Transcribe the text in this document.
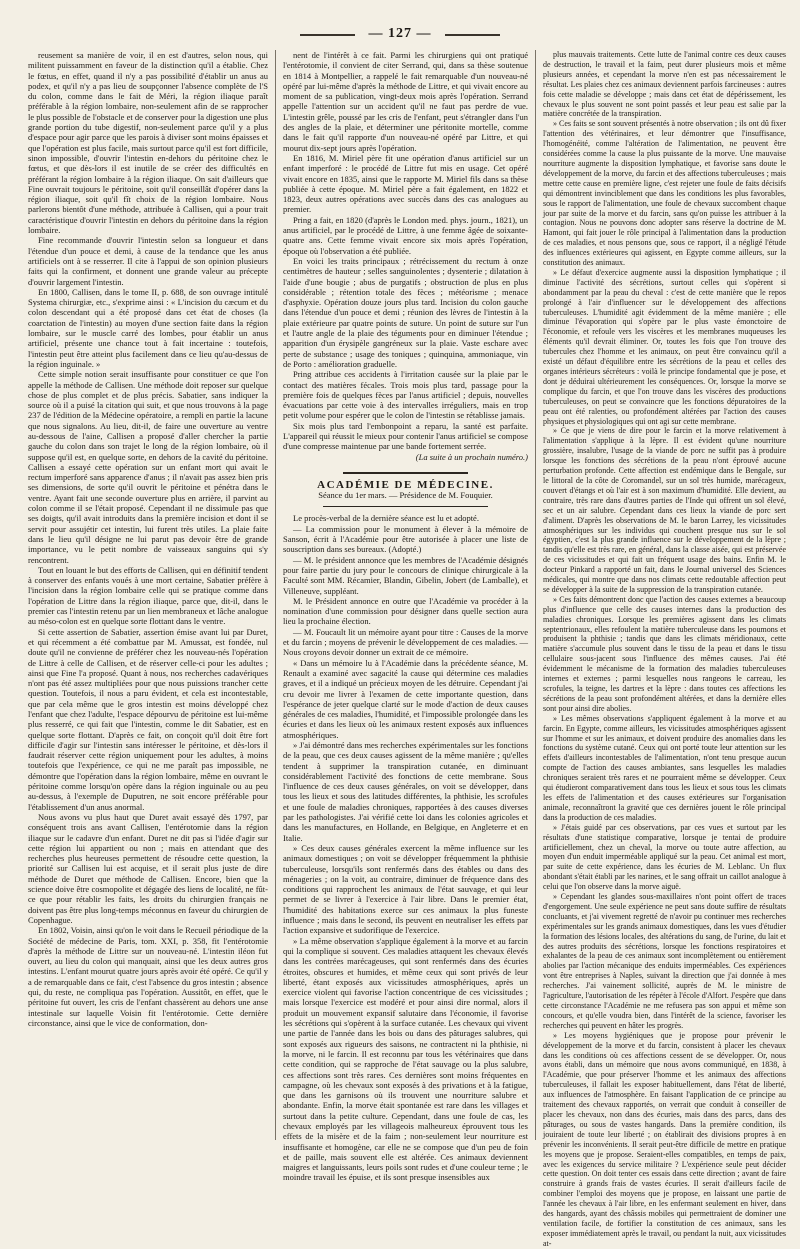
— 127 —

reusement sa manière de voir, il en est d'autres, selon nous, qui militent puissamment en faveur de la distinction qu'il a établie. Chez le fœtus, en effet, quand il n'y a pas possibilité d'établir un anus au podex, et qu'il n'y a pas lieu de soupçonner l'absence complète de l'S du colon, comme dans le fait de Méri, la région iliaque paraît préférable à la région lombaire, non-seulement afin de se rapprocher le plus possible de l'obstacle et de conserver pour la digestion une plus grande portion du tube digestif, non-seulement parce qu'il y a plus d'espace pour agir parce que les parois à diviser sont moins épaisses et que l'opération est plus facile, mais surtout parce qu'il est fort difficile, sinon impossible, d'ouvrir l'intestin en-dehors du péritoine chez le fœtus, et que dès-lors il est inutile de se créer des difficultés en préférant la région lombaire à la région iliaque. On sait d'ailleurs que Fine ouvrait toujours le péritoine, soit qu'il conseillât d'opérer dans la région iliaque, soit qu'il fît choix de la région lombaire. Nous parlerons bientôt d'une méthode, attribuée à Callisen, qui a pour trait caractéristique d'ouvrir l'intestin en dehors du péritoine dans la région lombaire.

Fine recommande d'ouvrir l'intestin selon sa longueur et dans l'étendue d'un pouce et demi, à cause de la tendance que les anus artificiels ont à se resserrer. Il cite à l'appui de son opinion plusieurs faits qui la confirment, et donnent une grande valeur au précepte d'ouvrir largement l'intestin.

En 1800, Callisen, dans le tome II, p. 688, de son ouvrage intitulé Systema chirurgiæ, etc., s'exprime ainsi : « L'incision du cæcum et du colon descendant qui a été proposé dans cet état de choses (la coarctation de l'intestin) au moyen d'une section faite dans la région lombaire, sur le muscle carré des lombes, pour établir un anus artificiel, présente une chance tout à fait incertaine : toutefois, l'intestin peut être atteint plus facilement dans ce lieu qu'au-dessus de la région inguinale. »

Cette simple notion serait insuffisante pour constituer ce que l'on appelle la méthode de Callisen. Une méthode doit reposer sur quelque chose de plus complet et de plus précis. Sabatier, sans indiquer la source où il a puisé la citation qui suit, et que nous trouvons à la page 237 de l'édition de la Médecine opératoire, a rempli en partie la lacune que nous signalons. Au lieu, dit-il, de faire une ouverture au ventre au-dessous de l'aine, Callisen a proposé d'aller chercher la partie gauche du colon dans son trajet le long de la région lombaire, où il suppose qu'il est, en quelque sorte, en dehors de la cavité du péritoine. Callisen a essayé cette opération sur un enfant mort qui avait le rectum imperforé sans apparence d'anus ; il n'avait pas assez bien pris ses dimensions, de sorte qu'il ouvrit le péritoine et pénétra dans le ventre. Ayant fait une seconde ouverture plus en arrière, il parvint au colon comme il se l'était proposé. Cependant il ne dissimule pas que ses doigts, qu'il avait introduits dans la première incision et dont il se servit pour assujétir cet intestin, lui furent très utiles. La plaie faite dans le lieu qu'il désigne ne lui parut pas devoir être de grande importance, vu le petit nombre de vaisseaux sanguins qui s'y rencontrent.

Tout en louant le but des efforts de Callisen, qui en définitif tendent à conserver des enfants voués à une mort certaine, Sabatier préfère à l'incision dans la région lombaire celle qui se pratique comme dans l'opération de Littre dans la région iliaque, parce que, dit-il, dans le premier cas l'intestin retenu par un lien membraneux et lâche analogue au méso-colon est en quelque sorte flottant dans le ventre.

Si cette assertion de Sabatier, assertion émise avant lui par Duret, et qui récemment a été combattue par M. Amussat, est fondée, nul doute qu'il ne convienne de préférer chez les nouveau-nés l'opération de Littre à celle de Callisen, et de réserver celle-ci pour les adultes ; ainsi que Fine l'a proposé. Quant à nous, nos recherches cadavériques n'ont pas été assez multipliées pour que nous puissions trancher cette question. Toutefois, il nous a paru évident, et cela est incontestable, que par cela même que le gros intestin est moins développé chez l'enfant que chez l'adulte, l'espace dépourvu de péritoine est lui-même plus resserré, ce qui fait que l'intestin, comme le dit Sabatier, est en quelque sorte flottant. D'après ce fait, on conçoit qu'il doit être fort difficile d'agir sur l'intestin sans intéresser le péritoine, et dès-lors il faudrait réserver cette région uniquement pour les adultes, à moins toutefois que l'expérience, ce qui ne me paraît pas impossible, ne démontre que l'opération dans la région lombaire, même en ouvrant le péritoine comme lorsqu'on opère dans la région inguinale ou au peu au-dessus, à l'exemple de Duputren, ne soit encore préférable pour l'établissement d'un anus anormal.

Nous avons vu plus haut que Duret avait essayé dès 1797, par conséquent trois ans avant Callisen, l'entérotomie dans la région iliaque sur le cadavre d'un enfant. Duret ne dit pas si l'idée d'agir sur cette région lui appartient ou non ; mais en attendant que des recherches plus heureuses permettent de résoudre cette question, la priorité sur Callisen lui est acquise, et il serait plus juste de dire méthode de Duret que méthode de Callisen. Encore, bien que la science doive être cosmopolite et dégagée des liens de localité, ne fût-ce que pour rétablir les faits, les droits du chirurgien français ne doivent pas être plus long-temps méconnus en faveur du chirurgien de Copenhague.

En 1802, Voisin, ainsi qu'on le voit dans le Recueil périodique de la Société de médecine de Paris, tom. XXI, p. 358, fit l'entérotomie d'après la méthode de Littre sur un nouveau-né. L'intestin iléon fut ouvert, au lieu du colon qui manquait, ainsi que les deux autres gros intestins. L'enfant mourut quatre jours après avoir été opéré. Ce qu'il y a de remarquable dans ce fait, c'est l'absence du gros intestin ; absence qui, du reste, ne compliqua pas l'opération. Aussitôt, en effet, que le péritoine fut ouvert, les cris de l'enfant chassèrent au dehors une anse intestinale sur laquelle Voisin fit l'entérotomie. Cette dernière circonstance, ainsi que le vice de conformation, don-

nent de l'intérêt à ce fait. Parmi les chirurgiens qui ont pratiqué l'entérotomie, il convient de citer Serrand, qui, dans sa thèse soutenue en 1814 à Montpellier, a rappelé le fait remarquable d'un nouveau-né opéré par lui-même d'après la méthode de Littre, et qui vivait encore au moment de sa publication, vingt-deux mois après l'opération. Serrand appelle l'attention sur un accident qu'il ne faut pas perdre de vue. L'intestin grêle, poussé par les cris de l'enfant, peut s'étrangler dans l'un des angles de la plaie, et déterminer une péritonite mortelle, comme dans le fait qu'il rapporte d'un nouveau-né opéré par Littre, et qui mourut dix-sept jours après l'opération.

En 1816, M. Miriel père fit une opération d'anus artificiel sur un enfant imperforé : le procédé de Littre fut mis en usage. Cet opéré vivait encore en 1835, ainsi que le rapporte M. Miriel fils dans sa thèse publiée à cette époque. M. Miriel père a fait également, en 1822 et 1823, deux autres opérations avec succès dans des cas analogues au premier.

Pring a fait, en 1820 (d'après le London med. phys. journ., 1821), un anus artificiel, par le procédé de Littre, à une femme âgée de soixante-quatre ans. Cette femme vivait encore six mois après l'opération, époque où l'observation a été publiée.

En voici les traits principaux ; rétrécissement du rectum à onze centimètres de hauteur ; selles sanguinolentes ; dysenterie ; dilatation à l'aide d'une bougie ; abus de purgatifs ; obstruction de plus en plus considérable ; rétention totale des fèces ; météorisme ; menace d'asphyxie. Opération douze jours plus tard. Incision du colon gauche dans l'étendue d'un pouce et demi ; réunion des lèvres de l'intestin à la plaie extérieure par quatre points de suture. Un point de suture sur l'un et l'autre angle de la plaie des téguments pour en diminuer l'étendue ; apparition d'un érysipèle gangréneux sur la plaie. Vaste eschare avec perte de substance ; usage des toniques ; quinquina, ammoniaque, vin de Porto : amélioration graduelle.

Pring attribue ces accidents à l'irritation causée sur la plaie par le contact des matières fécales. Trois mois plus tard, passage pour la première fois de quelques fèces par l'anus artificiel ; depuis, nouvelles évacuations par cette voie à des intervalles irréguliers, mais en trop petit volume pour espérer que le colon de l'intestin se rétablisse jamais.

Six mois plus tard l'embonpoint a reparu, la santé est parfaite. L'appareil qui réussit le mieux pour contenir l'anus artificiel se compose d'une compresse maintenue par une bande fortement serrée.

(La suite à un prochain numéro.)

ACADÉMIE DE MÉDECINE.

Séance du 1er mars. — Présidence de M. Fouquier.

Le procès-verbal de la dernière séance est lu et adopté.

— La commission pour le monument à élever à la mémoire de Sanson, écrit à l'Académie pour être autorisée à placer une liste de souscription dans ses bureaux. (Adopté.)

— M. le président annonce que les membres de l'Académie désignés pour faire partie du jury pour le concours de clinique chirurgicale à la Faculté sont MM. Récamier, Blandin, Gibelin, Jobert (de Lamballe), et Villeneuve, suppléant.

M. le Président annonce en outre que l'Académie va procéder à la nomination d'une commission pour désigner dans quelle section aura lieu la prochaine élection.

— M. Foucault lit un mémoire ayant pour titre : Causes de la morve et du farcin ; moyens de prévenir le développement de ces maladies. — Nous croyons devoir donner un extrait de ce mémoire.

« Dans un mémoire lu à l'Académie dans la précédente séance, M. Renault a examiné avec sagacité la cause qui détermine ces maladies graves, et il a indiqué un précieux moyen de les détruire. Cependant j'ai cru devoir me livrer à l'examen de cette importante question, dans l'espérance de jeter quelque clarté sur le mode d'action de deux causes générales de ces maladies, l'humidité, et l'impossible prolongée dans les écuries et dans les lieux où les animaux restent exposés aux influences atmosphériques.

» J'ai démontré dans mes recherches expérimentales sur les fonctions de la peau, que ces deux causes agissent de la même manière ; qu'elles tendent à supprimer la transpiration cutanée, en diminuant considérablement l'activité des fonctions de cette membrane. Sous l'influence de ces deux causes générales, on voit se développer, dans tous les lieux et sous des latitudes différentes, la phthisie, les scrofules et une foule de maladies chroniques, rapportées à des causes diverses par les pathologistes. J'ai vérifié cette loi dans les colonies agricoles et dans les manufactures, en Hollande, en Belgique, en Angleterre et en Italie.

» Ces deux causes générales exercent la même influence sur les animaux domestiques ; on voit se développer fréquemment la phthisie tuberculeuse, lorsqu'ils sont renfermés dans des étables ou dans des ménageries ; on la voit, au contraire, diminuer de fréquence dans des conditions qui rapprochent les animaux de l'état sauvage, et qui leur permet de se livrer à l'exercice à l'air libre. Dans le premier état, l'humidité des habitations exerce sur ces animaux la plus funeste influence ; mais dans le second, ils peuvent en neutraliser les effets par l'action expansive et sudorifique de l'exercice.

» La même observation s'applique également à la morve et au farcin qui la complique si souvent. Ces maladies attaquent les chevaux élevés dans les contrées marécageuses, qui sont renfermés dans des écuries étroites, obscures et humides, et même ceux qui sont privés de leur liberté, étant exposés aux vicissitudes atmosphériques, après un exercice violent qui favorise l'action concentrique de ces vicissitudes ; mais lorsque l'exercice est modéré et pour ainsi dire normal, alors il produit un mouvement expansif salutaire dans l'économie, il favorise les sécrétions qui s'opèrent à la surface cutanée. Les chevaux qui vivent une partie de l'année dans les bois ou dans des pâturages salubres, qui sont exposés aux rigueurs des saisons, ne contractent ni la phthisie, ni la morve, ni le farcin. Il est reconnu par tous les vétérinaires que dans cette condition, qui se rapproche de l'état sauvage ou la plus salubre, ces affections sont très rares. Ces dernières sont moins fréquentes en campagne, où les chevaux sont exposés à des privations et à la fatigue, que dans les garnisons où ils trouvent une nourriture salubre et abondante. Enfin, la morve était spontanée est rare dans les villages et surtout dans la petite culture. Cependant, dans une foule de cas, les chevaux employés par les villageois malheureux éprouvent tous les effets de la misère et de la faim ; non-seulement leur nourriture est insuffisante et homogène, car elle ne se compose que d'un peu de foin et de paille, mais souvent elle est altérée. Ces animaux deviennent maigres et languissants, leurs poils sont rudes et d'une couleur terne ; le moindre travail les épuise, et ils sont presque insensibles aux

plus mauvais traitements. Cette lutte de l'animal contre ces deux causes de destruction, le travail et la faim, peut durer plusieurs mois et même plusieurs années, et cependant la morve n'en est pas nécessairement le résultat. Les plaies chez ces animaux deviennent parfois farcineuses : autres fois cette maladie se développe ; mais dans cet état de dépérissement, les chevaux le plus souvent ne sont point passés et leur peau est salie par la matière concrétée de la transpiration.

» Ces faits se sont souvent présentés à notre observation ; ils ont dû fixer l'attention des vétérinaires, et leur démontrer que l'insuffisance, l'homogénéité, comme l'altération de l'alimentation, ne peuvent être considérées comme la cause la plus puissante de la morve. Une mauvaise nourriture augmente la disposition lymphatique, et favorise sans doute le développement de la morve, du farcin et des affections tuberculeuses ; mais mettre cette cause en première ligne, c'est rejeter une foule de faits décisifs qui démontrent invinciblement que dans les conditions les plus favorables, sous le rapport de l'alimentation, une foule de chevaux succombent chaque jour par suite de la morve et du farcin, sans qu'on puisse les attribuer à la contagion. Nous ne pouvons donc adopter sans réserve la doctrine de M. Hamont, qui fait jouer le rôle principal à l'alimentation dans la production de ces maladies, et nous pensons que, sous ce rapport, il a négligé l'étude des influences extérieures qui agissent, en Egypte comme ailleurs, sur la constitution des animaux.

» Le défaut d'exercice augmente aussi la disposition lymphatique ; il diminue l'activité des sécrétions, surtout celles qui s'opèrent si abondamment par la peau du cheval : c'est de cette manière que le repos prolongé à l'air d'influencer sur le développement des affections tuberculeuses. L'humidité agit évidemment de la même manière ; elle diminue l'évaporation qui s'opère par le plus vaste émonctoire de l'économie, et refoule vers les viscères et les membranes muqueuses les éléments qu'il devrait éliminer. Or, toutes les fois que l'on trouve des tubercules chez l'homme et les animaux, on peut être convaincu qu'il a existé un défaut d'équilibre entre les sécrétions de la peau et celles des organes intérieurs sécréteurs : voilà le principe fondamental que je pose, et dont je déduirai ultérieurement les conséquences. Or, lorsque la morve se complique du farcin, et que l'on trouve dans les viscères des productions tuberculeuses, on peut se convaincre que les fonctions dépuratoires de la peau ont été ralenties, ou profondément altérées par l'action des causes physiques et physiologiques qui ont agi sur cette membrane.

» Ce que je viens de dire pour le farcin et la morve relativement à l'alimentation s'applique à la lèpre. Il est évident qu'une nourriture grossière, insalubre, l'usage de la viande de porc ne suffit pas à produire lorsque les fonctions des sécrétions de la peau n'ont éprouvé aucune perturbation profonde. Cette affection est endémique dans le Bengale, sur le littoral de la côte de Coromandel, sur un sol très humide, marécageux, couvert d'étangs et où l'air est à son maximum d'humidité. Elle devient, au contraire, très rare dans d'autres parties de l'Inde qui offrent un sol élevé, sec et un air salubre. Cependant dans ces lieux la viande de porc sert d'aliment. D'après les observations de M. le baron Larrey, les vicissitudes atmosphériques sur les individus qui couchent presque nus sur le sol égyptien, c'est la plus grande influence sur le développement de la lèpre ; tandis qu'elle est très rare, en général, dans la classe aisée, qui est préservée de ces vicissitudes et qui fait un fréquent usage des bains. Enfin M. le docteur Pinkard a rapporté un fait, dans le Journal universel des Sciences médicales, qui montre que dans nos climats cette redoutable affection peut se développer à la suite de la suppression de la transpiration cutanée.

» Ces faits démontrent donc que l'action des causes externes a beaucoup plus d'influence que celle des causes internes dans la production des maladies chroniques. Lorsque les premières agissent dans les climats septentrionaux, elles refoulent la matière tuberculeuse dans les poumons et produisent la phthisie ; tandis que dans les climats méridionaux, cette matière s'accumule plus souvent dans le tissu de la peau et dans le tissu cellulaire sous-jacent sous l'influence des mêmes causes. J'ai été évidemment le mécanisme de la formation des maladies tuberculeuses internes et externes ; parmi lesquelles nous rangeons le carreau, les scrofules, la teigne, les dartres et la lèpre : dans toutes ces affections les sécrétions de la peau sont profondément altérées, et dans la dernière elles sont pour ainsi dire abolies.

» Les mêmes observations s'appliquent également à la morve et au farcin. En Egypte, comme ailleurs, les vicissitudes atmosphériques agissent sur l'homme et sur les animaux, et doivent produire des anomalies dans les fonctions du système cutané. Ceux qui ont porté toute leur attention sur les effets d'ailleurs incontestables de l'alimentation, n'ont tenu presque aucun compte de l'action des causes ambiantes, sans lesquelles les maladies chroniques seraient très rares et ne pourraient même se développer. Ceux qui étudieront comparativement dans tous les lieux et sous tous les climats les effets de l'alimentation et des causes extérieures sur l'organisation animale, reconnaîtront la gravité que ces dernières jouent le rôle principal dans la production de ces maladies.

» J'étais guidé par ces observations, par ces vues et surtout par les résultats d'une statistique comparative, lorsque je tentai de produire artificiellement, chez un cheval, la morve ou toute autre affection, au moyen d'un enduit imperméable appliqué sur la peau. Cet animal est mort, par suite de cette expérience, dans les écuries de M. Leblanc. Un flux abondant s'était établi par les narines, et le sang offrait un caillot analogue à celui que l'on observe dans la morve aiguë.

» Cependant les glandes sous-maxillaires n'ont point offert de traces d'engorgement. Une seule expérience ne peut sans doute suffire de résultats concluants, et j'ai vivement regretté de n'avoir pu continuer mes recherches expérimentales sur les grands animaux domestiques, dans les vues d'étudier la formation des lésions locales, des altérations du sang, de l'urine, du lait et des autres produits des sécrétions, lorsque les fonctions respiratoires et exhalantes de la peau de ces animaux sont incomplètement ou entièrement abolies par l'action mécanique des enduits imperméables. Ces expériences vont être entreprises à Naples, suivant la direction que j'ai donnée à mes recherches. J'ai vainement sollicité, auprès de M. le ministre de l'agriculture, l'autorisation de les répéter à l'école d'Alfort. J'espère que dans cette circonstance l'Académie ne me refusera pas son appui et même son concours, et qu'elle voudra bien, dans l'intérêt de la science, favoriser les recherches qui peuvent en hâter les progrès.

» Les moyens hygiéniques que je propose pour prévenir le développement de la morve et du farcin, consistent à placer les chevaux dans les conditions où ces affections cessent de se développer. Or, nous avons établi, dans un mémoire que nous avons communiqué, en 1838, à l'Académie, que pour préserver l'homme et les animaux des affections tuberculeuses, il fallait les exposer habituellement, dans l'état de liberté, aux influences de l'atmosphère. En faisant l'application de ce principe au traitement des chevaux rapportés, on verrait que conduit à conseiller de placer les chevaux, non dans des écuries, mais dans des parcs, dans des pâturages, ou sous de vastes hangards. Dans la première condition, ils jouiraient de toute leur liberté ; on établirait des divisions propres à en prévenir les inconvénients. Il serait peut-être difficile de mettre en pratique les moyens que je propose. Seraient-elles compatibles, en temps de paix, avec les exigences du service militaire ? L'expérience seule peut décider cette question. On doit tenter ces essais dans cette direction ; avant de faire construire à grands frais de vastes écuries. Il serait d'ailleurs facile de combiner l'emploi des moyens que je propose, en laissant une partie de l'année les chevaux à l'air libre, en les enfermant seulement en hiver, dans des hangards, ayant des châssis mobiles qui permettraient de dominer une ventilation facile, de fortifier la constitution de ces animaux, sans les exposer immédiatement après le travail, ou pendant la nuit, aux vicissitudes at-
